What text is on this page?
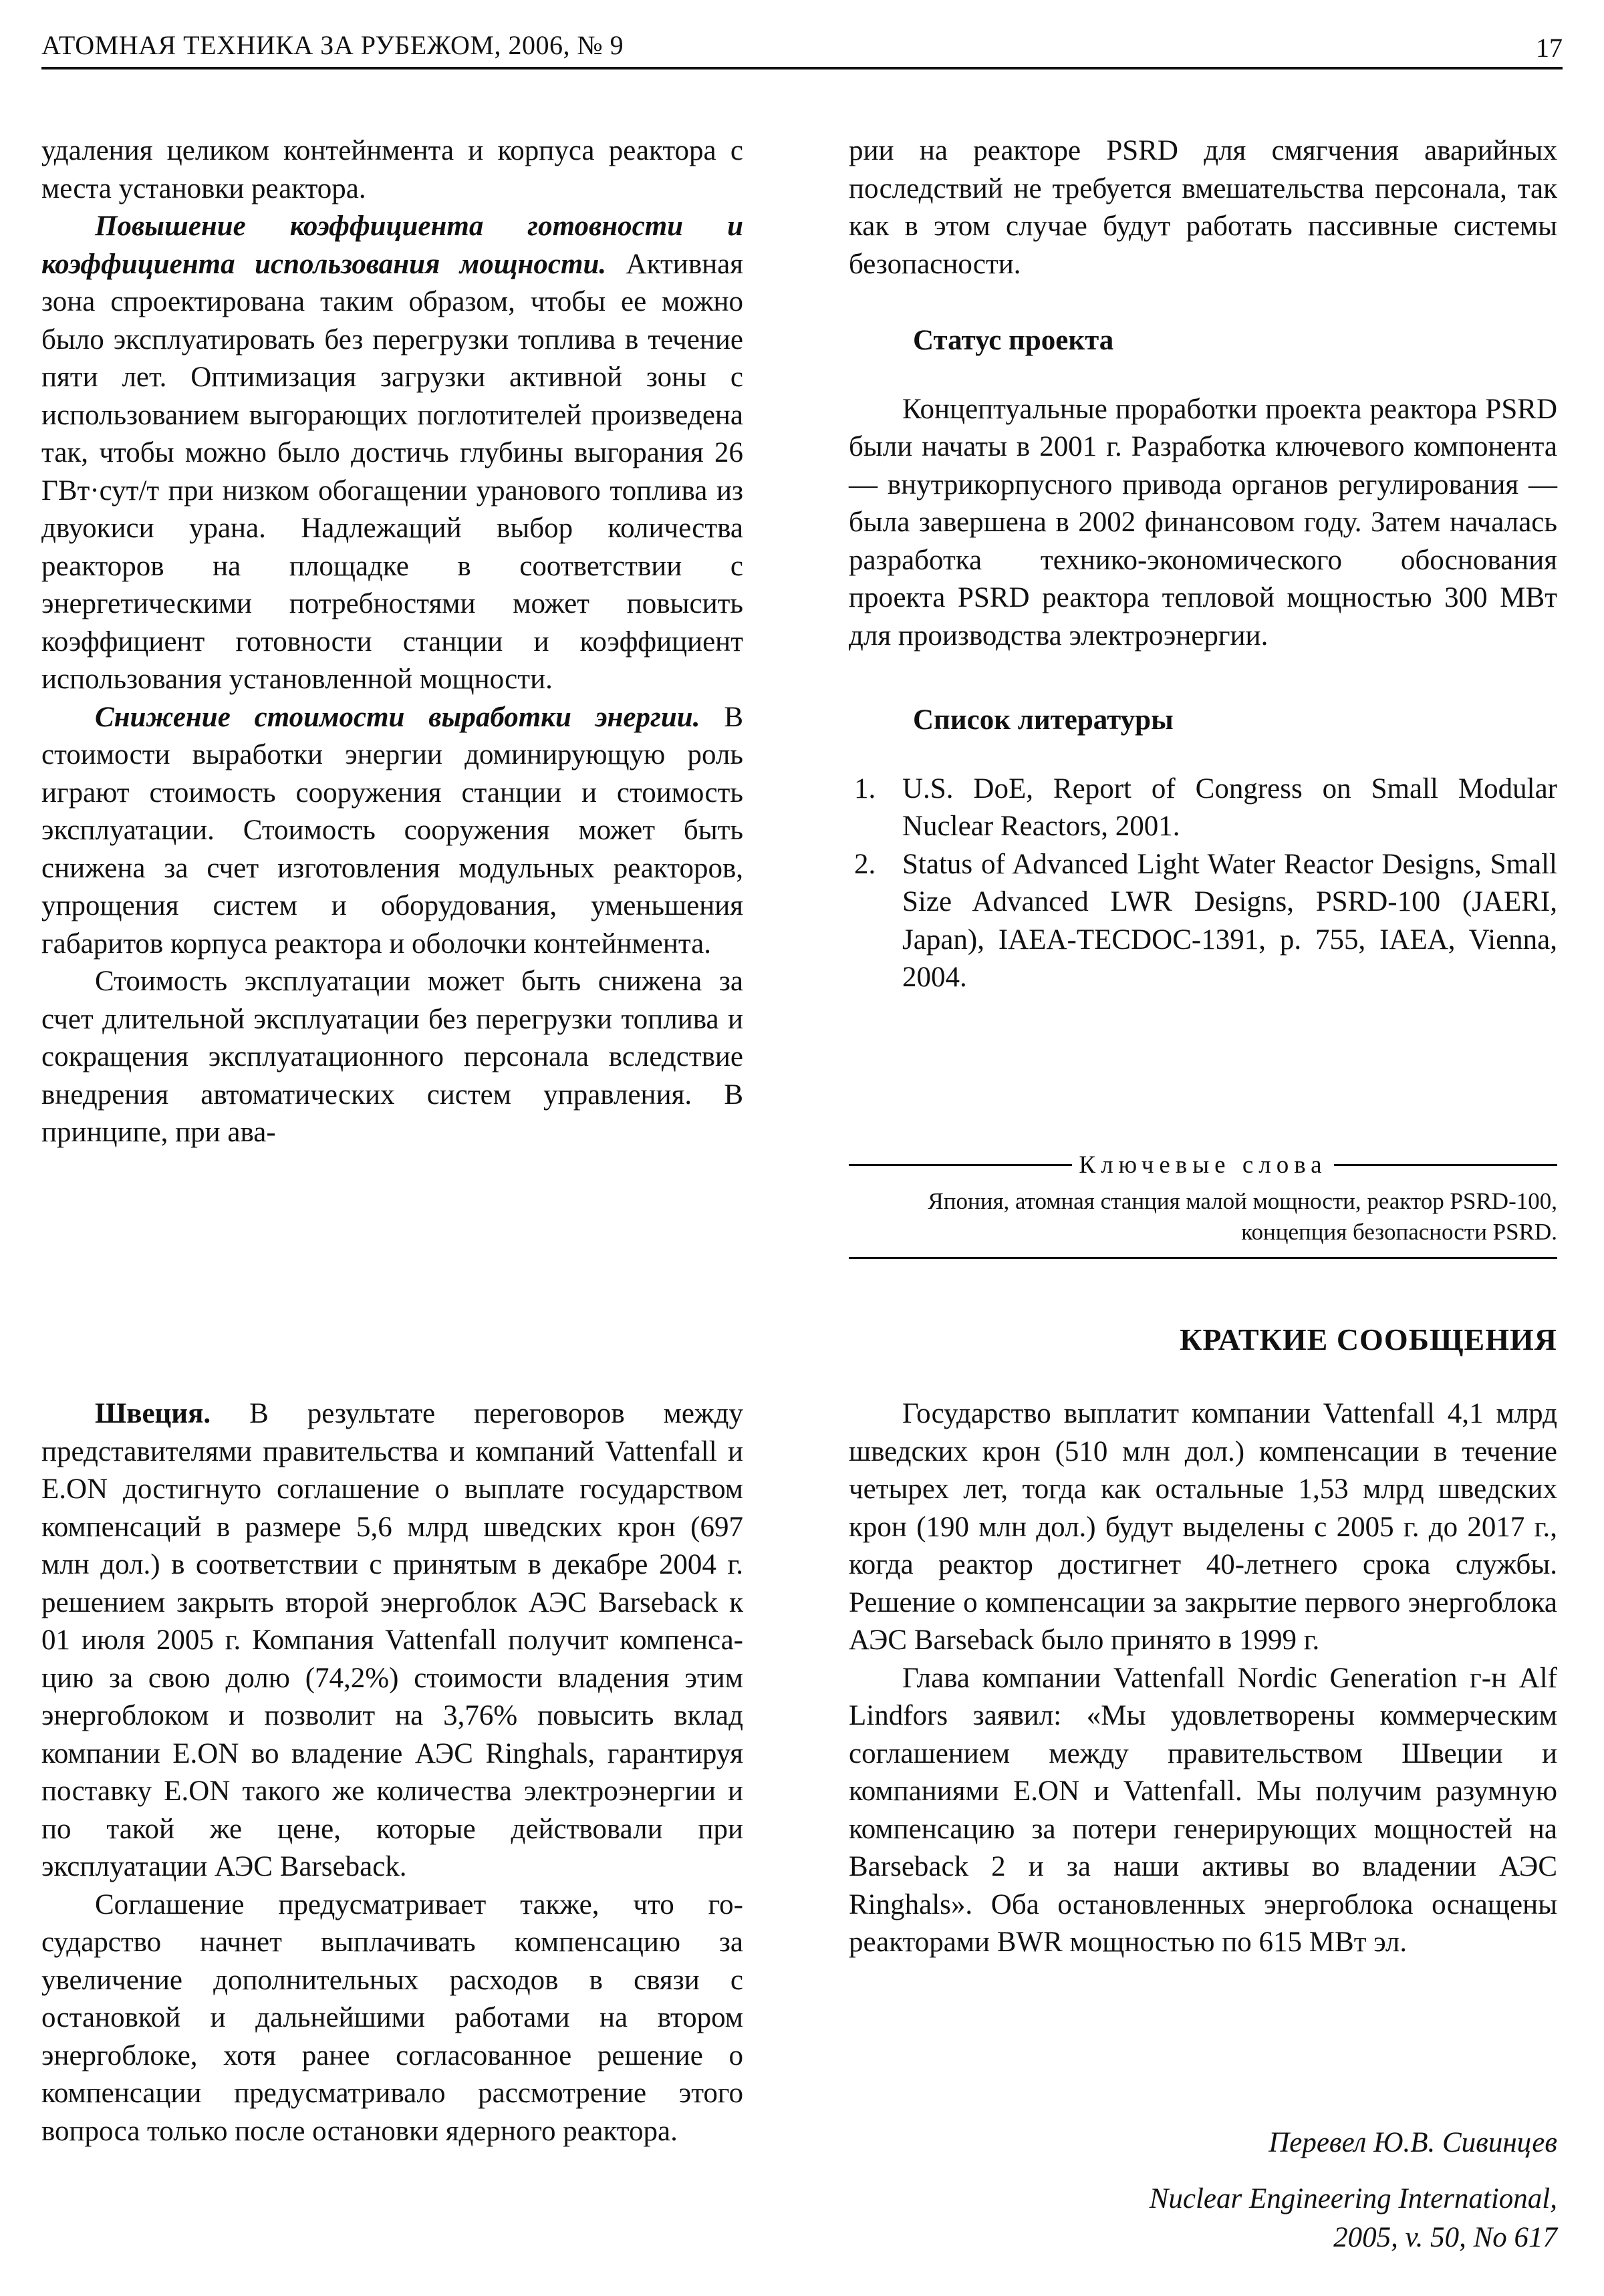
АТОМНАЯ ТЕХНИКА ЗА РУБЕЖОМ, 2006, № 9	17

удаления целиком контейнмента и корпуса реактора с места установки реактора.

Повышение коэффициента готовности и коэффициента использования мощности. Активная зона спроектирована таким образом, чтобы ее можно было эксплуатировать без перегрузки топлива в течение пяти лет. Оптимизация загрузки активной зоны с использованием выгорающих поглотителей произведена так, чтобы можно было достичь глубины выгорания 26 ГВт·сут/т при низком обогащении уранового топлива из двуокиси урана. Надлежащий выбор количества реакторов на площадке в соответствии с энергетическими потребностями может повысить коэффициент готовности станции и коэффициент использования установленной мощности.

Снижение стоимости выработки энергии. В стоимости выработки энергии доминирующую роль играют стоимость сооружения станции и стоимость эксплуатации. Стоимость сооружения может быть снижена за счет изготовления модульных реакторов, упрощения систем и оборудования, уменьшения габаритов корпуса реактора и оболочки контейнмента.

Стоимость эксплуатации может быть снижена за счет длительной эксплуатации без перегрузки топлива и сокращения эксплуатационного персонала вследствие внедрения автоматических систем управления. В принципе, при ава-

рии на реакторе PSRD для смягчения аварийных последствий не требуется вмешательства персонала, так как в этом случае будут работать пассивные системы безопасности.

Статус проекта

Концептуальные проработки проекта реактора PSRD были начаты в 2001 г. Разработка ключевого компонента — внутрикорпусного привода органов регулирования — была завершена в 2002 финансовом году. Затем началась разработка технико-экономического обоснования проекта PSRD реактора тепловой мощностью 300 МВт для производства электроэнергии.

Список литературы
1. U.S. DoE, Report of Congress on Small Modular Nuclear Reactors, 2001.
2. Status of Advanced Light Water Reactor Designs, Small Size Advanced LWR Designs, PSRD-100 (JAERI, Japan), IAEA-TECDOC-1391, p. 755, IAEA, Vienna, 2004.
Ключевые слова
Япония, атомная станция малой мощности, реактор PSRD-100, концепция безопасности PSRD.
КРАТКИЕ СООБЩЕНИЯ

Швеция. В результате переговоров между представителями правительства и компаний Vattenfall и E.ON достигнуто соглашение о выплате государством компенсаций в размере 5,6 млрд шведских крон (697 млн дол.) в соответствии с принятым в декабре 2004 г. решением закрыть второй энергоблок АЭС Barseback к 01 июля 2005 г. Компания Vattenfall получит компенсацию за свою долю (74,2%) стоимости владения этим энергоблоком и позволит на 3,76% повысить вклад компании E.ON во владение АЭС Ringhals, гарантируя поставку E.ON такого же количества электроэнергии и по такой же цене, которые действовали при эксплуатации АЭС Barseback.

Соглашение предусматривает также, что государство начнет выплачивать компенсацию за увеличение дополнительных расходов в связи с остановкой и дальнейшими работами на втором энергоблоке, хотя ранее согласованное решение о компенсации предусматривало рассмотрение этого вопроса только после остановки ядерного реактора.

Государство выплатит компании Vattenfall 4,1 млрд шведских крон (510 млн дол.) компенсации в течение четырех лет, тогда как остальные 1,53 млрд шведских крон (190 млн дол.) будут выделены с 2005 г. до 2017 г., когда реактор достигнет 40-летнего срока службы. Решение о компенсации за закрытие первого энергоблока АЭС Barseback было принято в 1999 г.

Глава компании Vattenfall Nordic Generation г-н Alf Lindfors заявил: «Мы удовлетворены коммерческим соглашением между правительством Швеции и компаниями E.ON и Vattenfall. Мы получим разумную компенсацию за потери генерирующих мощностей на Barseback 2 и за наши активы во владении АЭС Ringhals». Оба остановленных энергоблока оснащены реакторами BWR мощностью по 615 МВт эл.

Перевел Ю.В. Сивинцев
Nuclear Engineering International,
2005, v. 50, No 617
